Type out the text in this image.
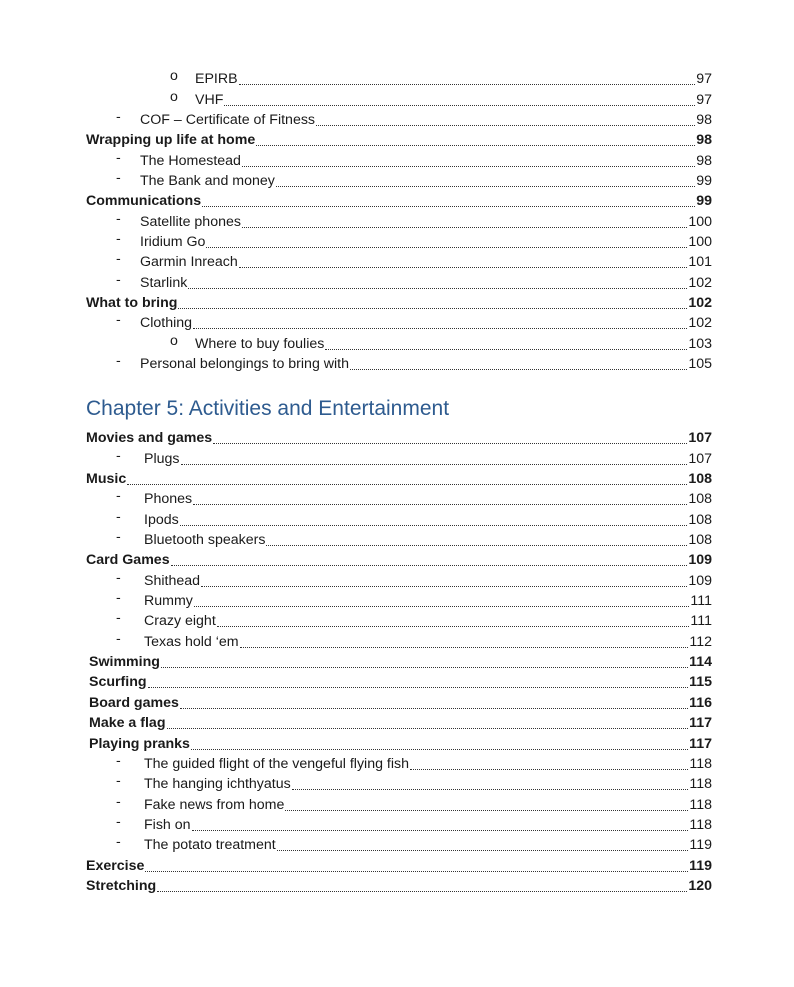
o EPIRB	97
o VHF	97
- COF – Certificate of Fitness	98
Wrapping up life at home	98
- The Homestead	98
- The Bank and money	99
Communications	99
- Satellite phones	100
- Iridium Go	100
- Garmin Inreach	101
- Starlink	102
What to bring	102
- Clothing	102
o Where to buy foulies	103
- Personal belongings to bring with	105
Chapter 5: Activities and Entertainment
Movies and games	107
- Plugs	107
Music	108
- Phones	108
- Ipods	108
- Bluetooth speakers	108
Card Games	109
- Shithead	109
- Rummy	111
- Crazy eight	111
- Texas hold ‘em	112
Swimming	114
Scurfing	115
Board games	116
Make a flag	117
Playing pranks	117
- The guided flight of the vengeful flying fish	118
- The hanging ichthyatus	118
- Fake news from home	118
- Fish on	118
- The potato treatment	119
Exercise	119
Stretching	120
